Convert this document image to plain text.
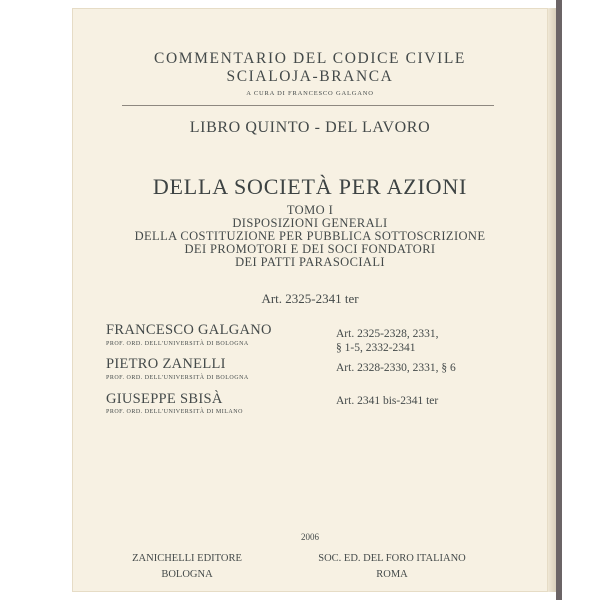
COMMENTARIO DEL CODICE CIVILE
SCIALOJA-BRANCA
A CURA DI FRANCESCO GALGANO
LIBRO QUINTO - DEL LAVORO
DELLA SOCIETÀ PER AZIONI
TOMO I
DISPOSIZIONI GENERALI
DELLA COSTITUZIONE PER PUBBLICA SOTTOSCRIZIONE
DEI PROMOTORI E DEI SOCI FONDATORI
DEI PATTI PARASOCIALI
Art. 2325-2341 ter
FRANCESCO GALGANO
PROF. ORD. DELL'UNIVERSITÀ DI BOLOGNA
Art. 2325-2328, 2331,
§ 1-5, 2332-2341
PIETRO ZANELLI
PROF. ORD. DELL'UNIVERSITÀ DI BOLOGNA
Art. 2328-2330, 2331, § 6
GIUSEPPE SBISÀ
PROF. ORD. DELL'UNIVERSITÀ DI MILANO
Art. 2341 bis-2341 ter
2006
ZANICHELLI EDITORE
BOLOGNA
SOC. ED. DEL FORO ITALIANO
ROMA
